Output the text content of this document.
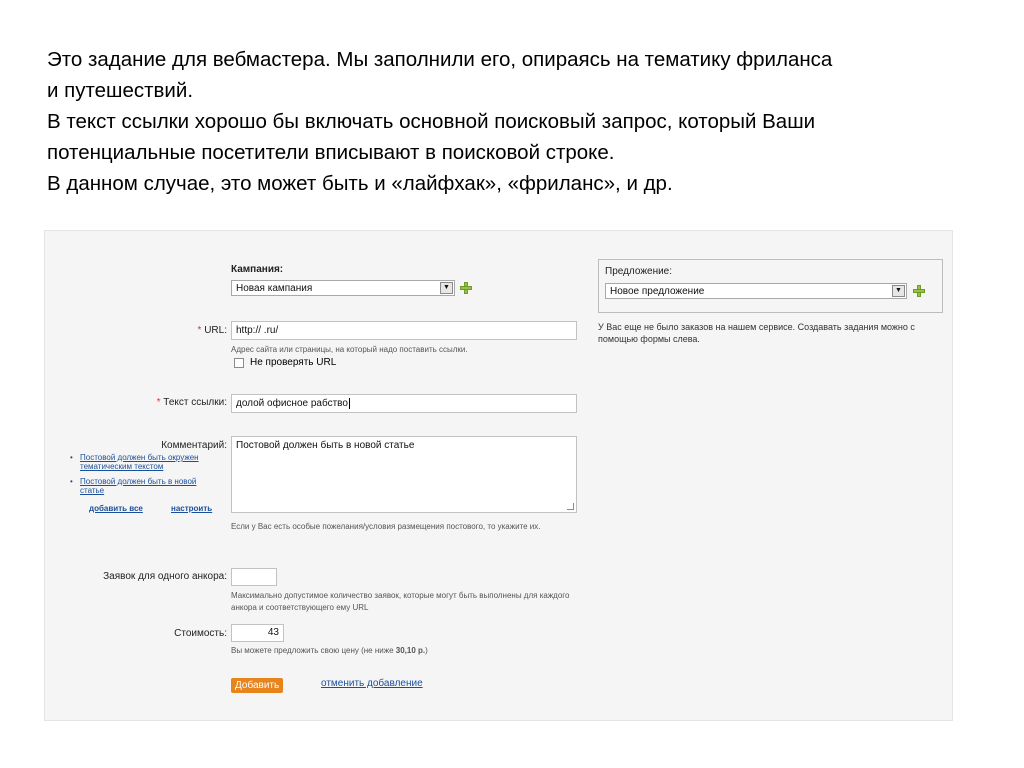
Это задание для вебмастера. Мы заполнили его, опираясь на тематику фриланса

и путешествий.

В текст ссылки хорошо бы включать основной поисковый запрос, который Ваши

потенциальные посетители вписывают в поисковой строке.

В данном случае, это может быть и «лайфхак», «фриланс», и др.

Кампания:
Новая кампания	▼
* URL: http:// .ru/
Адрес сайта или страницы, на который надо поставить ссылки.
Не проверять URL
* Текст ссылки: долой офисное рабство
Комментарий: Постовой должен быть в новой статье
Если у Вас есть особые пожелания/условия размещения постового, то укажите их.
• Постовой должен быть окружен тематическим текстом
• Постовой должен быть в новой статье
добавить все	настроить
Заявок для одного анкора:
Максимально допустимое количество заявок, которые могут быть выполнены для каждого анкора и соответствующего ему URL
Стоимость:	43
Вы можете предложить свою цену (не ниже 30,10 р.)
Добавить	отменить добавление
Предложение:
Новое предложение	▼
У Вас еще не было заказов на нашем сервисе. Создавать задания можно с помощью формы слева.
